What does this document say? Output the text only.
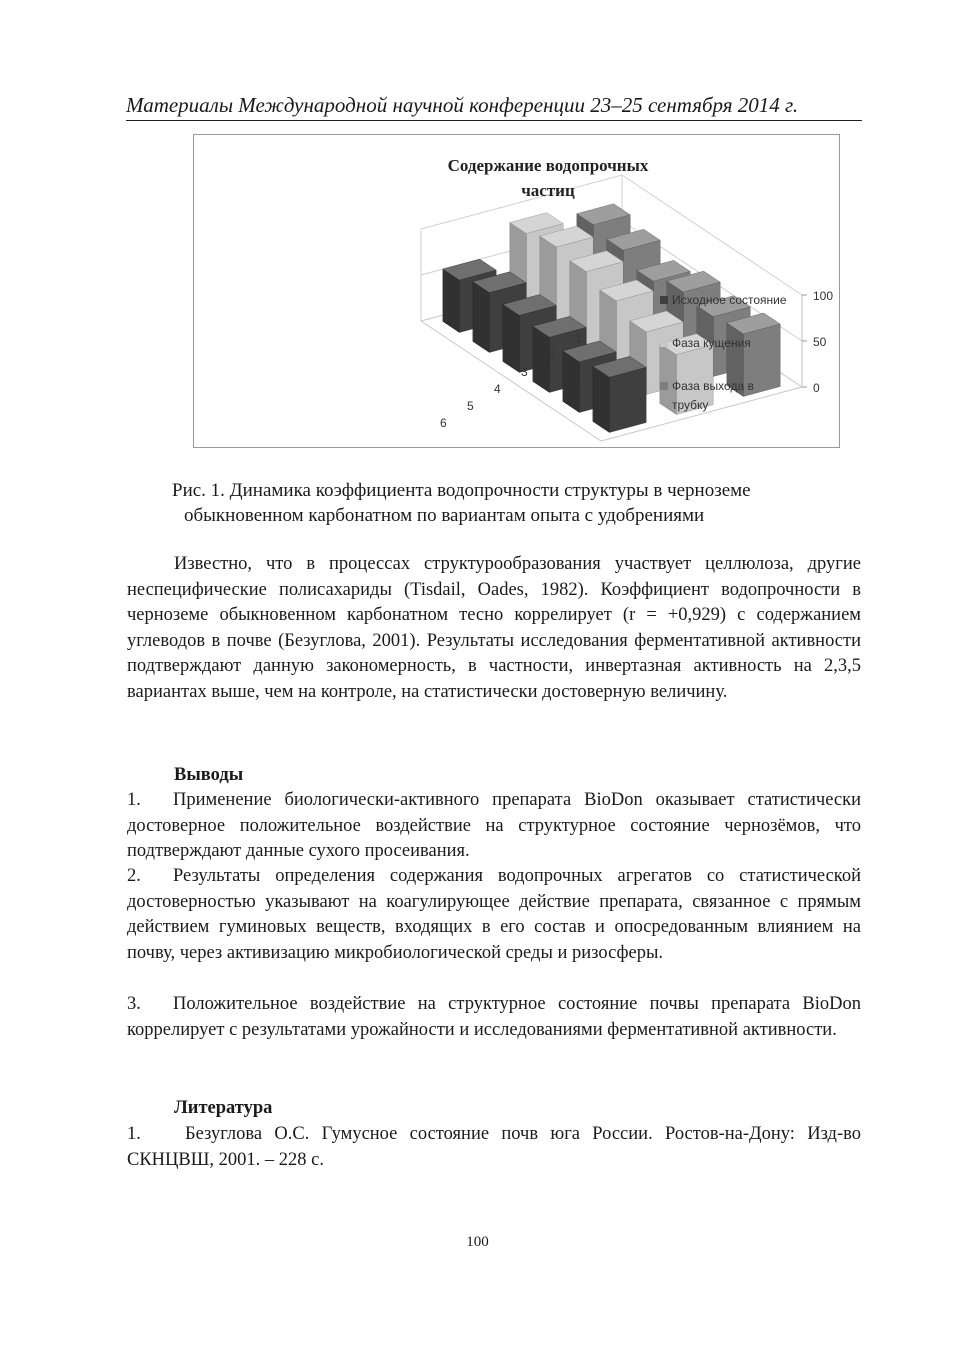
Материалы Международной научной конференции 23–25 сентября 2014 г.
Содержание водопрочных
частиц
0
50
100
1
2
3
4
5
6
Исходное состояние
Фаза кущения
Фаза выхода в
трубку
Рис. 1. Динамика коэффициента водопрочности структуры в черноземе
обыкновенном карбонатном по вариантам опыта с удобрениями
Известно, что в процессах структурообразования участвует целлюлоза, другие неспецифические полисахариды (Tisdail, Oades, 1982). Коэффициент водопрочности в черноземе обыкновенном карбонатном тесно коррелирует (r = +0,929) с содержанием углеводов в почве (Безуглова, 2001). Результаты исследования ферментативной активности подтверждают данную закономерность, в частности, инвертазная активность на 2,3,5 вариантах выше, чем на контроле, на статистически достоверную величину.
Выводы
1. Применение биологически-активного препарата BioDon оказывает статистически достоверное положительное воздействие на структурное состояние чернозёмов, что подтверждают данные сухого просеивания.
2. Результаты определения содержания водопрочных агрегатов со статистической достоверностью указывают на коагулирующее действие препарата, связанное с прямым действием гуминовых веществ, входящих в его состав и опосредованным влиянием на почву, через активизацию микробиологической среды и ризосферы.
3. Положительное воздействие на структурное состояние почвы препарата BioDon коррелирует с результатами урожайности и исследованиями ферментативной активности.
Литература
1. Безуглова О.С. Гумусное состояние почв юга России. Ростов-на-Дону: Изд-во СКНЦВШ, 2001. – 228 с.
100
